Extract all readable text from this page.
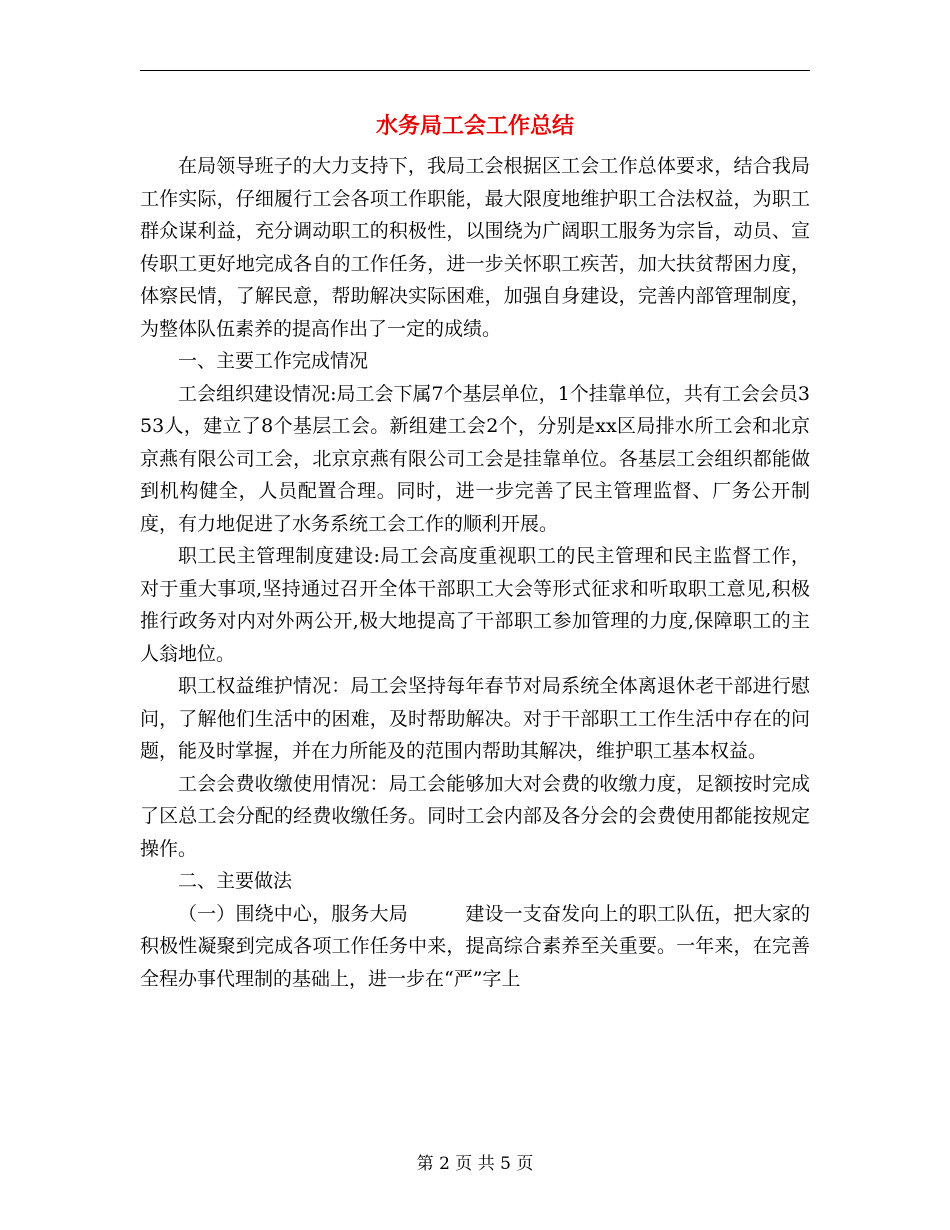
水务局工会工作总结

在局领导班子的大力支持下，我局工会根据区工会工作总体要求，结合我局工作实际，仔细履行工会各项工作职能，最大限度地维护职工合法权益，为职工群众谋利益，充分调动职工的积极性，以围绕为广阔职工服务为宗旨，动员、宣传职工更好地完成各自的工作任务，进一步关怀职工疾苦，加大扶贫帮困力度，体察民情，了解民意，帮助解决实际困难，加强自身建设，完善内部管理制度，为整体队伍素养的提高作出了一定的成绩。

一、主要工作完成情况

工会组织建设情况:局工会下属7个基层单位，1个挂靠单位，共有工会会员353人，建立了8个基层工会。新组建工会2个，分别是xx区局排水所工会和北京京燕有限公司工会，北京京燕有限公司工会是挂靠单位。各基层工会组织都能做到机构健全，人员配置合理。同时，进一步完善了民主管理监督、厂务公开制度，有力地促进了水务系统工会工作的顺利开展。

职工民主管理制度建设:局工会高度重视职工的民主管理和民主监督工作，对于重大事项,坚持通过召开全体干部职工大会等形式征求和听取职工意见,积极推行政务对内对外两公开,极大地提高了干部职工参加管理的力度,保障职工的主人翁地位。

职工权益维护情况：局工会坚持每年春节对局系统全体离退休老干部进行慰问，了解他们生活中的困难，及时帮助解决。对于干部职工工作生活中存在的问题，能及时掌握，并在力所能及的范围内帮助其解决，维护职工基本权益。

工会会费收缴使用情况：局工会能够加大对会费的收缴力度，足额按时完成了区总工会分配的经费收缴任务。同时工会内部及各分会的会费使用都能按规定操作。

二、主要做法

（一）围绕中心，服务大局　　　建设一支奋发向上的职工队伍，把大家的积极性凝聚到完成各项工作任务中来，提高综合素养至关重要。一年来，在完善全程办事代理制的基础上，进一步在“严”字上

第 2 页 共 5 页
